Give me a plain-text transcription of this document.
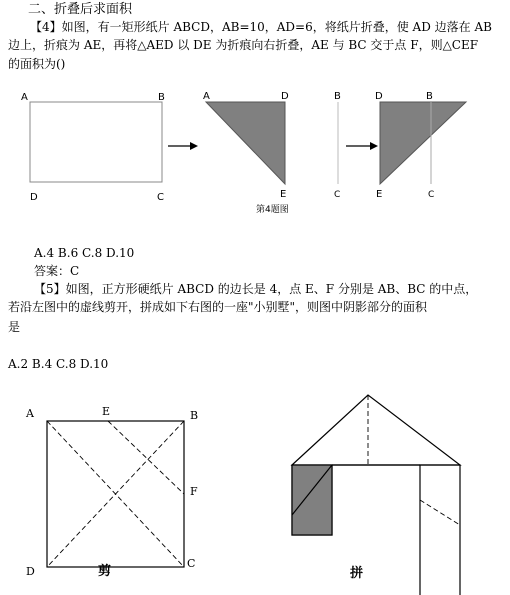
二、折叠后求面积
【4】如图，有一矩形纸片 ABCD，AB=10，AD=6，将纸片折叠，使 AD 边落在 AB
边上，折痕为 AE，再将△AED 以 DE 为折痕向右折叠，AE 与 BC 交于点 F，则△CEF
的面积为()
A	B
D	C
A	D	B
E	C
D	B
E	C
第4题图
A.4 B.6 C.8 D.10
答案：C
【5】如图，正方形硬纸片 ABCD 的边长是 4，点 E、F 分别是 AB、BC 的中点，
若沿左图中的虚线剪开，拼成如下右图的一座"小别墅"，则图中阴影部分的面积
是
A.2 B.4 C.8 D.10
A	E	B
F
C
D	剪	拼
